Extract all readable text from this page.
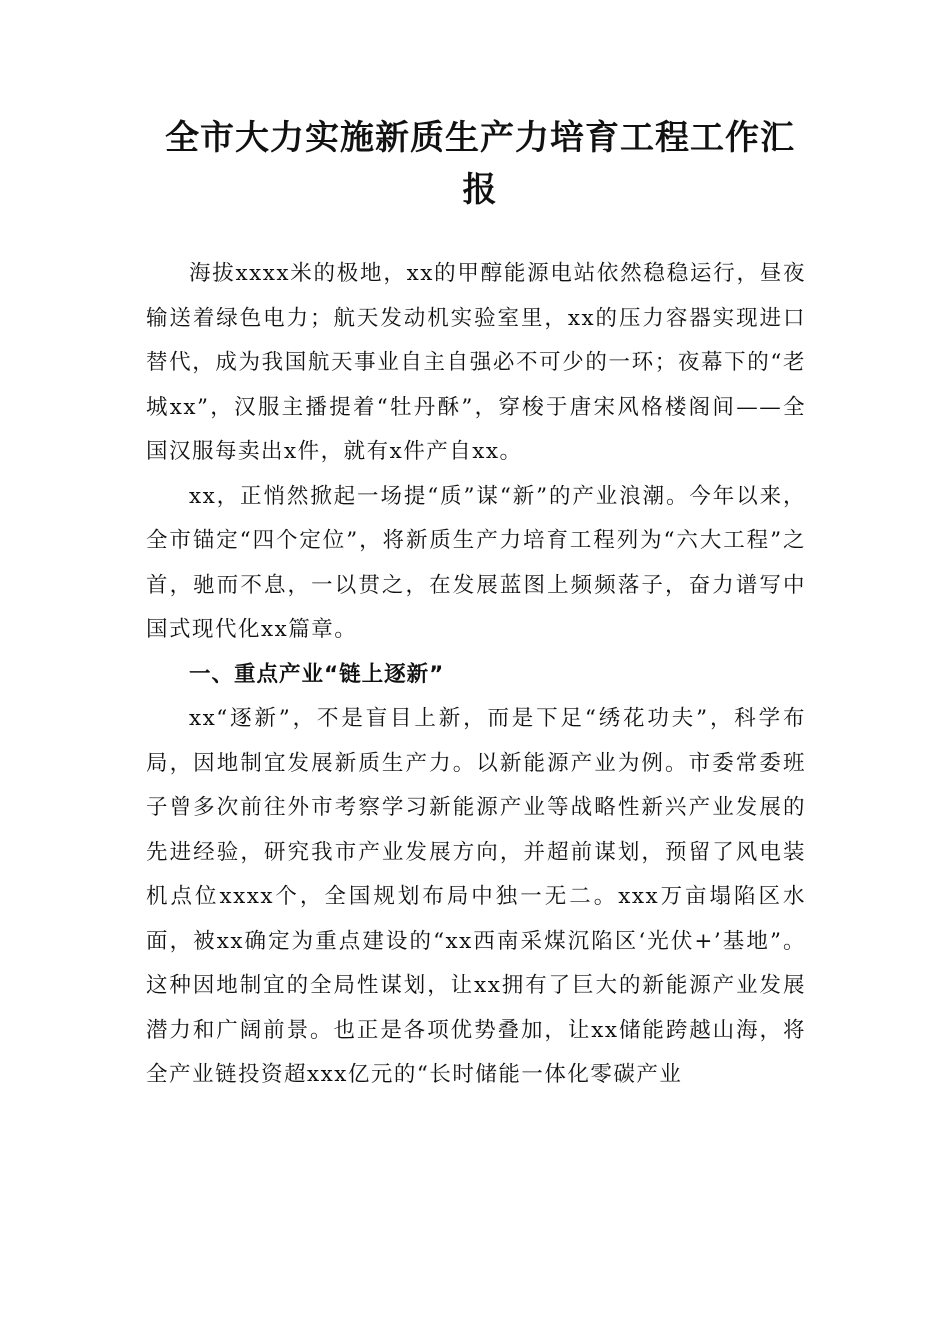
全市大力实施新质生产力培育工程工作汇报

海拔xxxx米的极地，xx的甲醇能源电站依然稳稳运行，昼夜输送着绿色电力；航天发动机实验室里，xx的压力容器实现进口替代，成为我国航天事业自主自强必不可少的一环；夜幕下的“老城xx”，汉服主播提着“牡丹酥”，穿梭于唐宋风格楼阁间——全国汉服每卖出x件，就有x件产自xx。

xx，正悄然掀起一场提“质”谋“新”的产业浪潮。今年以来，全市锚定“四个定位”，将新质生产力培育工程列为“六大工程”之首，驰而不息，一以贯之，在发展蓝图上频频落子，奋力谱写中国式现代化xx篇章。

一、重点产业“链上逐新”

xx“逐新”，不是盲目上新，而是下足“绣花功夫”，科学布局，因地制宜发展新质生产力。以新能源产业为例。市委常委班子曾多次前往外市考察学习新能源产业等战略性新兴产业发展的先进经验，研究我市产业发展方向，并超前谋划，预留了风电装机点位xxxx个，全国规划布局中独一无二。xxx万亩塌陷区水面，被xx确定为重点建设的“xx西南采煤沉陷区‘光伏+’基地”。这种因地制宜的全局性谋划，让xx拥有了巨大的新能源产业发展潜力和广阔前景。也正是各项优势叠加，让xx储能跨越山海，将全产业链投资超xxx亿元的“长时储能一体化零碳产业
